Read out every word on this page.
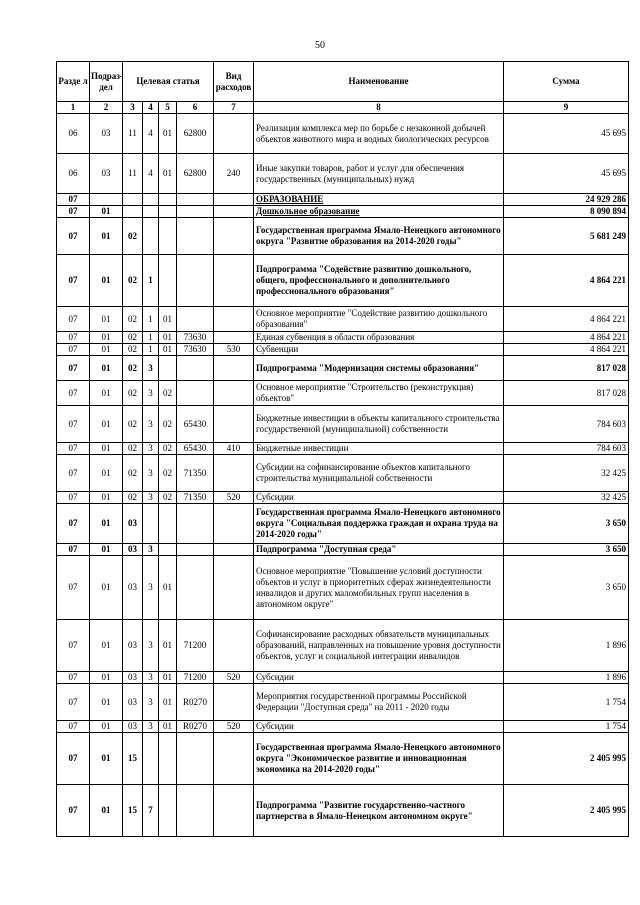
50
Разде л	Подраз- дел	Целевая статья				Вид расходов	Наименование	Сумма
1	2	3	4	5	6	7	8	9
06	03	11	4	01	62800		Реализация комплекса мер по борьбе с незаконной добычей объектов животного мира и водных биологических ресурсов	45 695
06	03	11	4	01	62800	240	Иные закупки товаров, работ и услуг для обеспечения государственных (муниципальных) нужд	45 695
07							ОБРАЗОВАНИЕ	24 929 286
07	01						Дошкольное образование	8 090 894
07	01	02					Государственная программа Ямало-Ненецкого автономного округа "Развитие образования на 2014-2020 годы"	5 681 249
07	01	02	1				Подпрограмма "Содействие развитию дошкольного, общего, профессионального и дополнительного профессионального образования"	4 864 221
07	01	02	1	01			Основное мероприятие "Содействие развитию дошкольного образования"	4 864 221
07	01	02	1	01	73630		Единая субвенция в области образования	4 864 221
07	01	02	1	01	73630	530	Субвенции	4 864 221
07	01	02	3				Подпрограмма "Модернизация системы образования"	817 028
07	01	02	3	02			Основное мероприятие "Строительство (реконструкция) объектов"	817 028
07	01	02	3	02	65430		Бюджетные инвестиции в объекты капитального строительства государственной (муниципальной) собственности	784 603
07	01	02	3	02	65430	410	Бюджетные инвестиции	784 603
07	01	02	3	02	71350		Субсидии на софинансирование объектов капитального строительства муниципальной собственности	32 425
07	01	02	3	02	71350	520	Субсидии	32 425
07	01	03					Государственная программа Ямало-Ненецкого автономного округа "Социальная поддержка граждан и охрана труда на 2014-2020 годы"	3 650
07	01	03	3				Подпрограмма "Доступная среда"	3 650
07	01	03	3	01			Основное мероприятие "Повышение условий доступности объектов и услуг в приоритетных сферах жизнедеятельности инвалидов и других маломобильных групп населения в автономном округе"	3 650
07	01	03	3	01	71200		Софинансирование расходных обязательств муниципальных образований, направленных на повышение уровня доступности объектов, услуг и социальной интеграции инвалидов	1 896
07	01	03	3	01	71200	520	Субсидии	1 896
07	01	03	3	01	R0270		Мероприятия государственной программы Российской Федерации "Доступная среда" на 2011 - 2020 годы	1 754
07	01	03	3	01	R0270	520	Субсидии	1 754
07	01	15					Государственная программа Ямало-Ненецкого автономного округа "Экономическое развитие и инновационная экономика на 2014-2020 годы"	2 405 995
07	01	15	7				Подпрограмма "Развитие государственно-частного партнерства в Ямало-Ненецком автономном округе"	2 405 995
